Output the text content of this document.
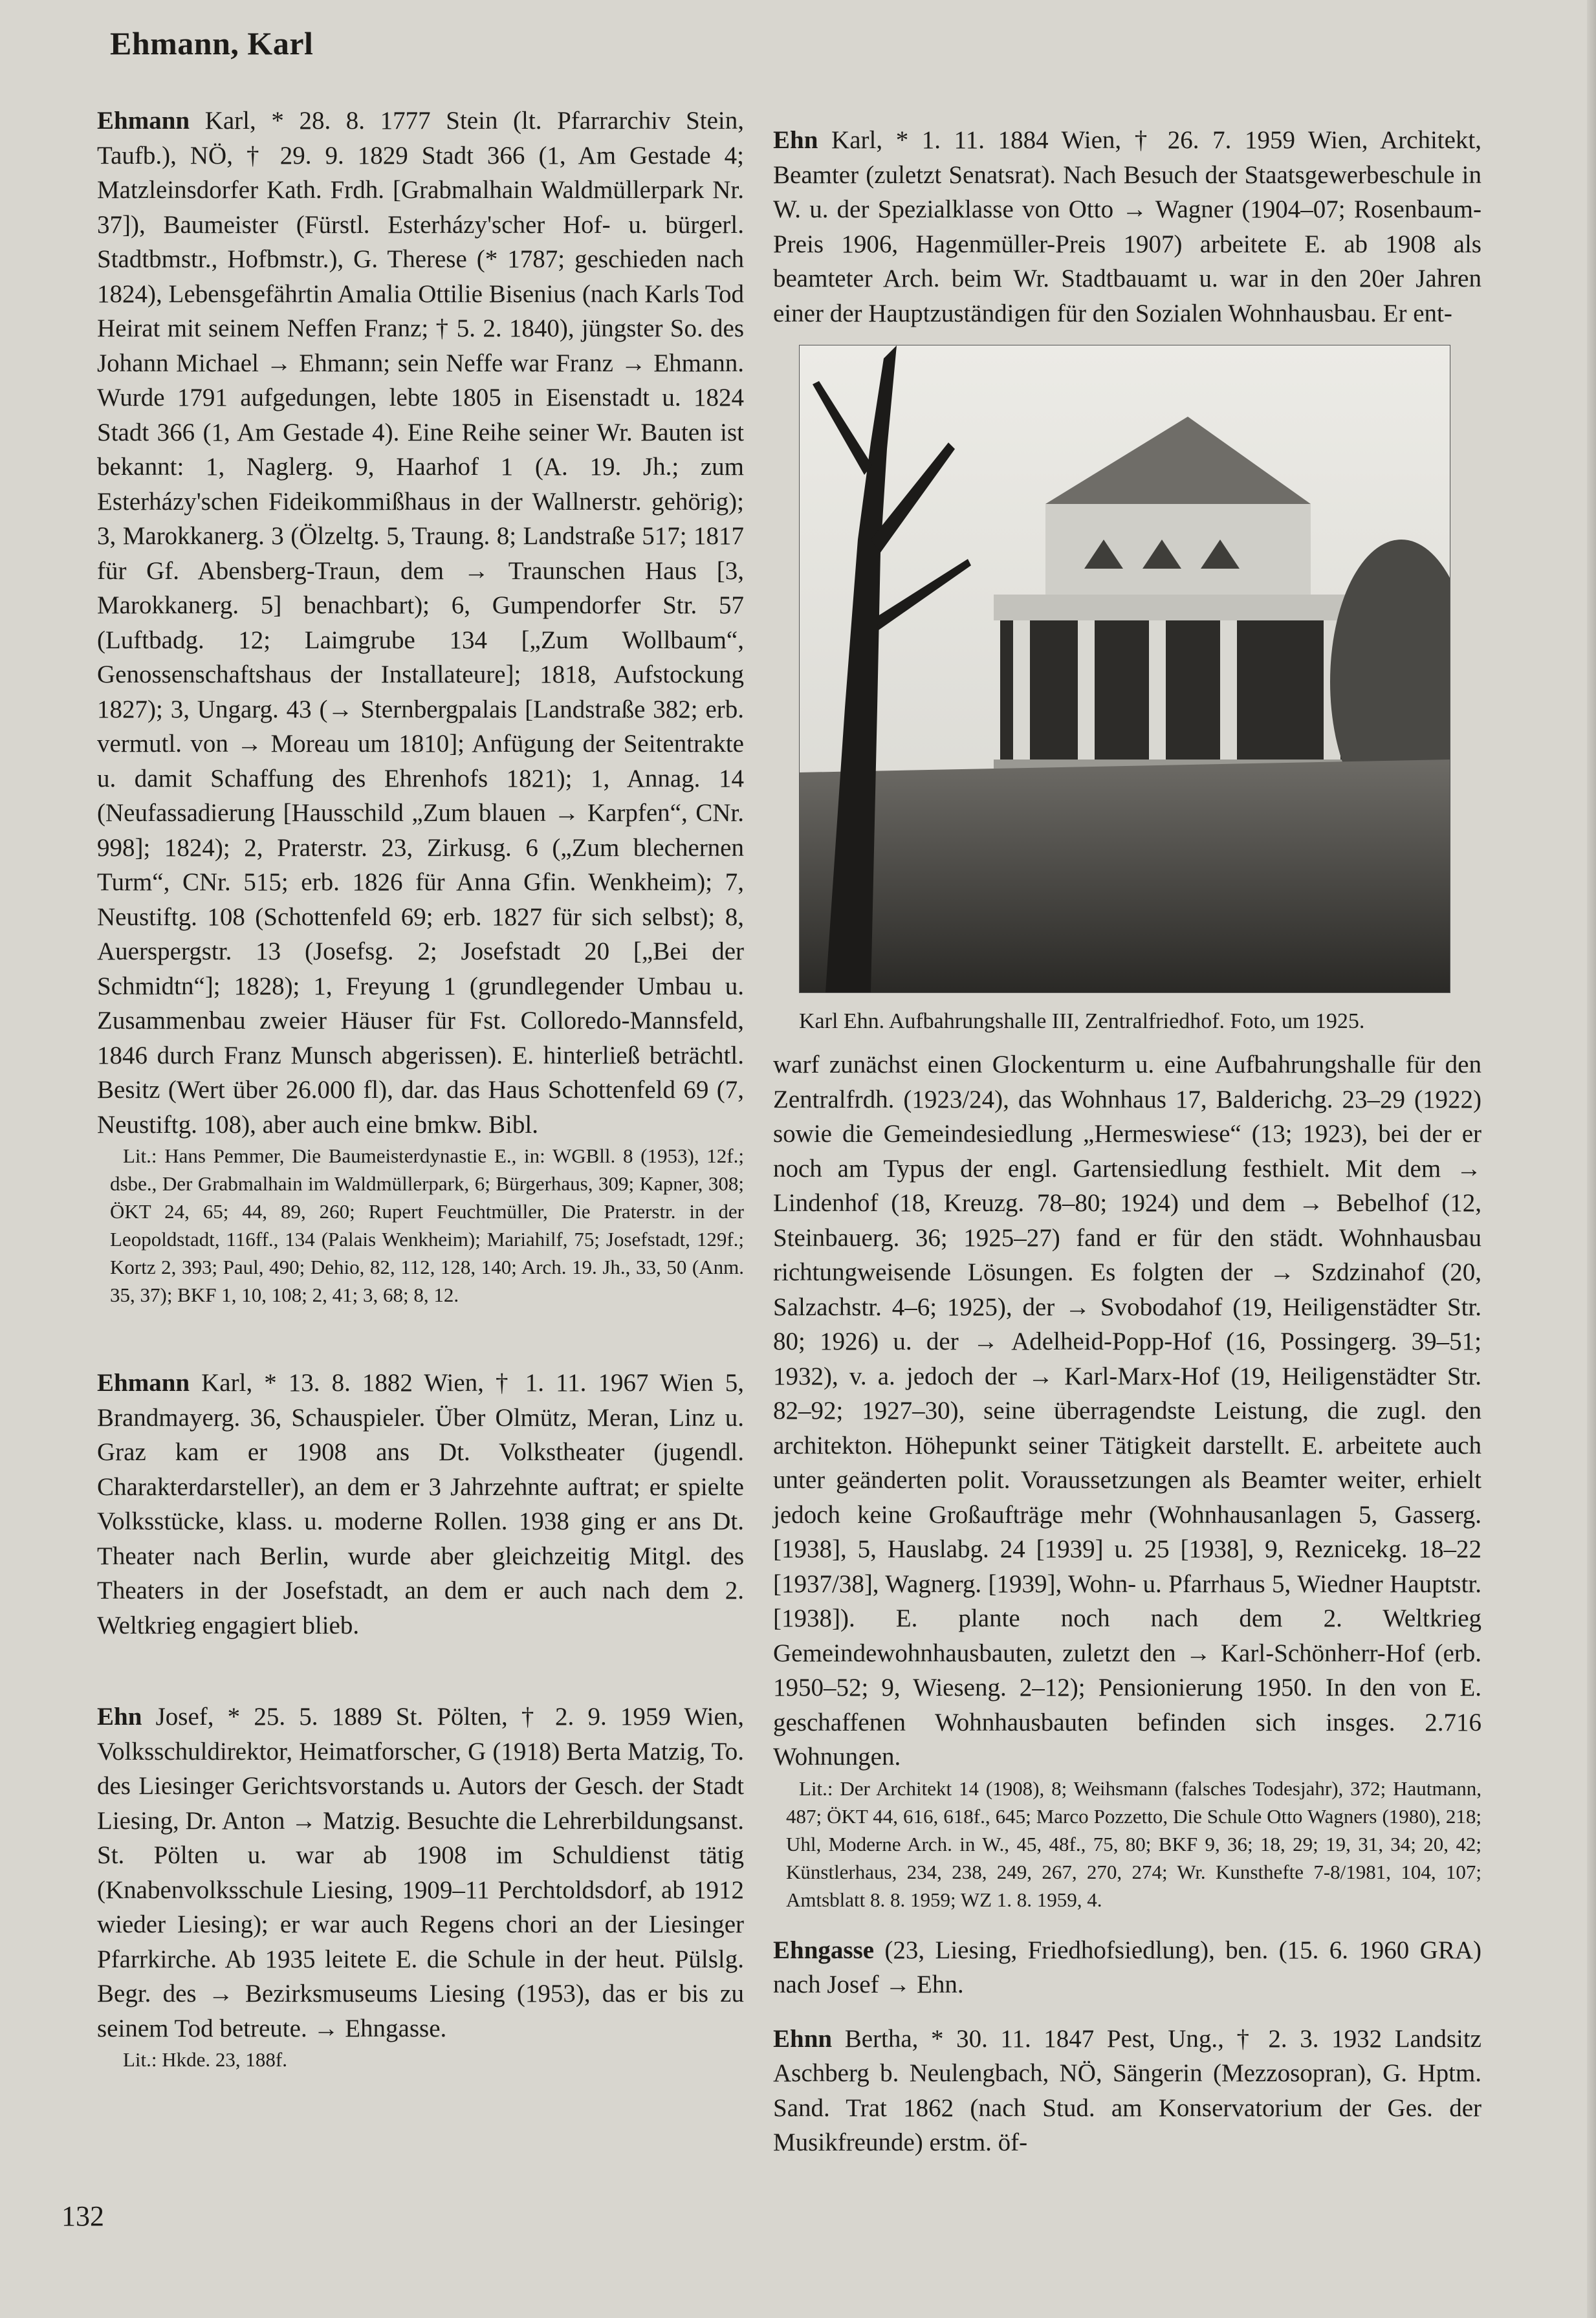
Ehmann, Karl

Ehmann Karl, * 28. 8. 1777 Stein (lt. Pfarrarchiv Stein, Taufb.), NÖ, † 29. 9. 1829 Stadt 366 (1, Am Gestade 4; Matzleinsdorfer Kath. Frdh. [Grabmalhain Waldmüllerpark Nr. 37]), Baumeister (Fürstl. Esterházy'scher Hof- u. bürgerl. Stadtbmstr., Hofbmstr.), G. Therese (* 1787; geschieden nach 1824), Lebensgefährtin Amalia Ottilie Bisenius (nach Karls Tod Heirat mit seinem Neffen Franz; † 5. 2. 1840), jüngster So. des Johann Michael → Ehmann; sein Neffe war Franz → Ehmann. Wurde 1791 aufgedungen, lebte 1805 in Eisenstadt u. 1824 Stadt 366 (1, Am Gestade 4). Eine Reihe seiner Wr. Bauten ist bekannt: 1, Naglerg. 9, Haarhof 1 (A. 19. Jh.; zum Esterházy'schen Fideikommißhaus in der Wallnerstr. gehörig); 3, Marokkanerg. 3 (Ölzeltg. 5, Traung. 8; Landstraße 517; 1817 für Gf. Abensberg-Traun, dem → Traunschen Haus [3, Marokkanerg. 5] benachbart); 6, Gumpendorfer Str. 57 (Luftbadg. 12; Laimgrube 134 [„Zum Wollbaum“, Genossenschaftshaus der Installateure]; 1818, Aufstockung 1827); 3, Ungarg. 43 (→ Sternbergpalais [Landstraße 382; erb. vermutl. von → Moreau um 1810]; Anfügung der Seitentrakte u. damit Schaffung des Ehrenhofs 1821); 1, Annag. 14 (Neufassadierung [Hausschild „Zum blauen → Karpfen“, CNr. 998]; 1824); 2, Praterstr. 23, Zirkusg. 6 („Zum blechernen Turm“, CNr. 515; erb. 1826 für Anna Gfin. Wenkheim); 7, Neustiftg. 108 (Schottenfeld 69; erb. 1827 für sich selbst); 8, Auerspergstr. 13 (Josefsg. 2; Josefstadt 20 [„Bei der Schmidtn“]; 1828); 1, Freyung 1 (grundlegender Umbau u. Zusammenbau zweier Häuser für Fst. Colloredo-Mannsfeld, 1846 durch Franz Munsch abgerissen). E. hinterließ beträchtl. Besitz (Wert über 26.000 fl), dar. das Haus Schottenfeld 69 (7, Neustiftg. 108), aber auch eine bmkw. Bibl.

Lit.: Hans Pemmer, Die Baumeisterdynastie E., in: WGBll. 8 (1953), 12f.; dsbe., Der Grabmalhain im Waldmüllerpark, 6; Bürgerhaus, 309; Kapner, 308; ÖKT 24, 65; 44, 89, 260; Rupert Feuchtmüller, Die Praterstr. in der Leopoldstadt, 116ff., 134 (Palais Wenkheim); Mariahilf, 75; Josefstadt, 129f.; Kortz 2, 393; Paul, 490; Dehio, 82, 112, 128, 140; Arch. 19. Jh., 33, 50 (Anm. 35, 37); BKF 1, 10, 108; 2, 41; 3, 68; 8, 12.

Ehmann Karl, * 13. 8. 1882 Wien, † 1. 11. 1967 Wien 5, Brandmayerg. 36, Schauspieler. Über Olmütz, Meran, Linz u. Graz kam er 1908 ans Dt. Volkstheater (jugendl. Charakterdarsteller), an dem er 3 Jahrzehnte auftrat; er spielte Volksstücke, klass. u. moderne Rollen. 1938 ging er ans Dt. Theater nach Berlin, wurde aber gleichzeitig Mitgl. des Theaters in der Josefstadt, an dem er auch nach dem 2. Weltkrieg engagiert blieb.

Ehn Josef, * 25. 5. 1889 St. Pölten, † 2. 9. 1959 Wien, Volksschuldirektor, Heimatforscher, G (1918) Berta Matzig, To. des Liesinger Gerichtsvorstands u. Autors der Gesch. der Stadt Liesing, Dr. Anton → Matzig. Besuchte die Lehrerbildungsanst. St. Pölten u. war ab 1908 im Schuldienst tätig (Knabenvolksschule Liesing, 1909–11 Perchtoldsdorf, ab 1912 wieder Liesing); er war auch Regens chori an der Liesinger Pfarrkirche. Ab 1935 leitete E. die Schule in der heut. Pülslg. Begr. des → Bezirksmuseums Liesing (1953), das er bis zu seinem Tod betreute. → Ehngasse.

Lit.: Hkde. 23, 188f.

Ehn Karl, * 1. 11. 1884 Wien, † 26. 7. 1959 Wien, Architekt, Beamter (zuletzt Senatsrat). Nach Besuch der Staatsgewerbeschule in W. u. der Spezialklasse von Otto → Wagner (1904–07; Rosenbaum-Preis 1906, Hagenmüller-Preis 1907) arbeitete E. ab 1908 als beamteter Arch. beim Wr. Stadtbauamt u. war in den 20er Jahren einer der Hauptzuständigen für den Sozialen Wohnhausbau. Er ent-

Karl Ehn. Aufbahrungshalle III, Zentralfriedhof. Foto, um 1925.

warf zunächst einen Glockenturm u. eine Aufbahrungshalle für den Zentralfrdh. (1923/24), das Wohnhaus 17, Balderichg. 23–29 (1922) sowie die Gemeindesiedlung „Hermeswiese“ (13; 1923), bei der er noch am Typus der engl. Gartensiedlung festhielt. Mit dem → Lindenhof (18, Kreuzg. 78–80; 1924) und dem → Bebelhof (12, Steinbauerg. 36; 1925–27) fand er für den städt. Wohnhausbau richtungweisende Lösungen. Es folgten der → Szdzinahof (20, Salzachstr. 4–6; 1925), der → Svobodahof (19, Heiligenstädter Str. 80; 1926) u. der → Adelheid-Popp-Hof (16, Possingerg. 39–51; 1932), v. a. jedoch der → Karl-Marx-Hof (19, Heiligenstädter Str. 82–92; 1927–30), seine überragendste Leistung, die zugl. den architekton. Höhepunkt seiner Tätigkeit darstellt. E. arbeitete auch unter geänderten polit. Voraussetzungen als Beamter weiter, erhielt jedoch keine Großaufträge mehr (Wohnhausanlagen 5, Gasserg. [1938], 5, Hauslabg. 24 [1939] u. 25 [1938], 9, Reznicekg. 18–22 [1937/38], Wagnerg. [1939], Wohn- u. Pfarrhaus 5, Wiedner Hauptstr. [1938]). E. plante noch nach dem 2. Weltkrieg Gemeindewohnhausbauten, zuletzt den → Karl-Schönherr-Hof (erb. 1950–52; 9, Wieseng. 2–12); Pensionierung 1950. In den von E. geschaffenen Wohnhausbauten befinden sich insges. 2.716 Wohnungen.

Lit.: Der Architekt 14 (1908), 8; Weihsmann (falsches Todesjahr), 372; Hautmann, 487; ÖKT 44, 616, 618f., 645; Marco Pozzetto, Die Schule Otto Wagners (1980), 218; Uhl, Moderne Arch. in W., 45, 48f., 75, 80; BKF 9, 36; 18, 29; 19, 31, 34; 20, 42; Künstlerhaus, 234, 238, 249, 267, 270, 274; Wr. Kunsthefte 7-8/1981, 104, 107; Amtsblatt 8. 8. 1959; WZ 1. 8. 1959, 4.

Ehngasse (23, Liesing, Friedhofsiedlung), ben. (15. 6. 1960 GRA) nach Josef → Ehn.

Ehnn Bertha, * 30. 11. 1847 Pest, Ung., † 2. 3. 1932 Landsitz Aschberg b. Neulengbach, NÖ, Sängerin (Mezzosopran), G. Hptm. Sand. Trat 1862 (nach Stud. am Konservatorium der Ges. der Musikfreunde) erstm. öf-

132
